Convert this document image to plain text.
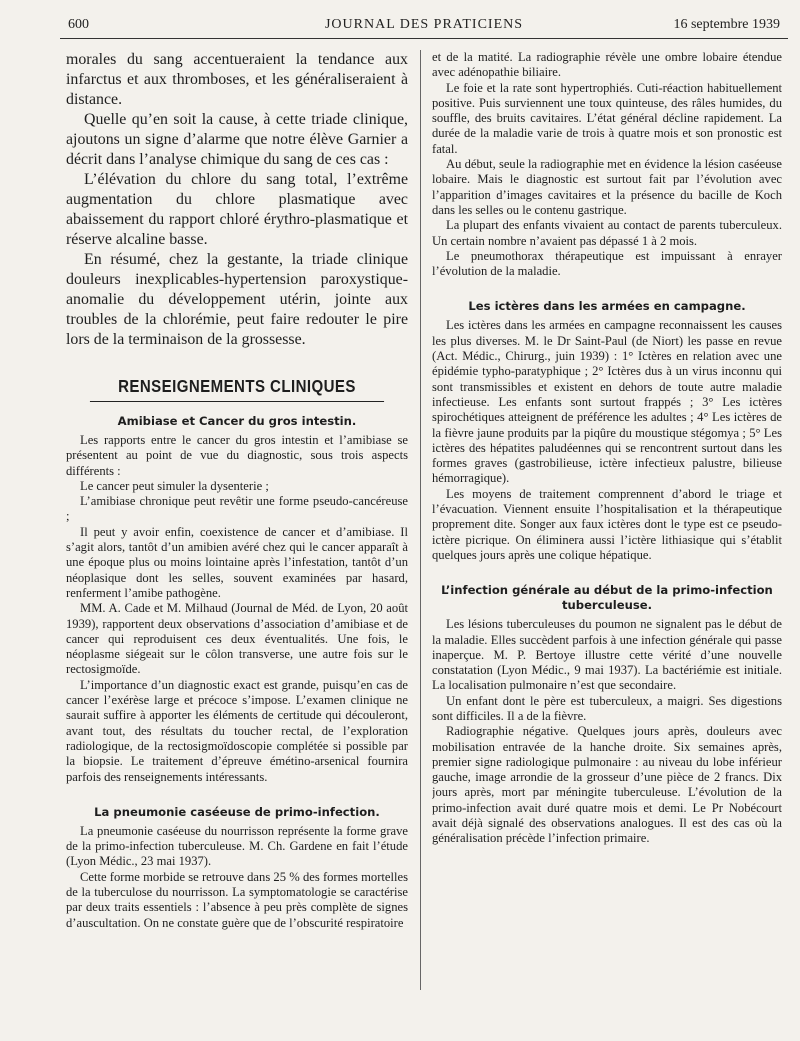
600	JOURNAL DES PRATICIENS	16 septembre 1939

morales du sang accentueraient la tendance aux infarctus et aux thromboses, et les généraliseraient à distance.

Quelle qu’en soit la cause, à cette triade clinique, ajoutons un signe d’alarme que notre élève Garnier a décrit dans l’analyse chimique du sang de ces cas :

L’élévation du chlore du sang total, l’extrême augmentation du chlore plasmatique avec abaissement du rapport chloré érythro-plasmatique et réserve alcaline basse.

En résumé, chez la gestante, la triade clinique douleurs inexplicables-hypertension paroxystique-anomalie du développement utérin, jointe aux troubles de la chlorémie, peut faire redouter le pire lors de la terminaison de la grossesse.

RENSEIGNEMENTS CLINIQUES
Amibiase et Cancer du gros intestin.

Les rapports entre le cancer du gros intestin et l’amibiase se présentent au point de vue du diagnostic, sous trois aspects différents :

Le cancer peut simuler la dysenterie ;

L’amibiase chronique peut revêtir une forme pseudo-cancéreuse ;

Il peut y avoir enfin, coexistence de cancer et d’amibiase. Il s’agit alors, tantôt d’un amibien avéré chez qui le cancer apparaît à une époque plus ou moins lointaine après l’infestation, tantôt d’un néoplasique dont les selles, souvent examinées par hasard, renferment l’amibe pathogène.

MM. A. Cade et M. Milhaud (Journal de Méd. de Lyon, 20 août 1939), rapportent deux observations d’association d’amibiase et de cancer qui reproduisent ces deux éventualités. Une fois, le néoplasme siégeait sur le côlon transverse, une autre fois sur le rectosigmoïde.

L’importance d’un diagnostic exact est grande, puisqu’en cas de cancer l’exérèse large et précoce s’impose. L’examen clinique ne saurait suffire à apporter les éléments de certitude qui découleront, avant tout, des résultats du toucher rectal, de l’exploration radiologique, de la rectosigmoïdoscopie complétée si possible par la biopsie. Le traitement d’épreuve émétino-arsenical fournira parfois des renseignements intéressants.

La pneumonie caséeuse de primo-infection.

La pneumonie caséeuse du nourrisson représente la forme grave de la primo-infection tuberculeuse. M. Ch. Gardene en fait l’étude (Lyon Médic., 23 mai 1937).

Cette forme morbide se retrouve dans 25 % des formes mortelles de la tuberculose du nourrisson. La symptomatologie se caractérise par deux traits essentiels : l’absence à peu près complète de signes d’auscultation. On ne constate guère que de l’obscurité respiratoire

et de la matité. La radiographie révèle une ombre lobaire étendue avec adénopathie biliaire.

Le foie et la rate sont hypertrophiés. Cuti-réaction habituellement positive. Puis surviennent une toux quinteuse, des râles humides, du souffle, des bruits cavitaires. L’état général décline rapidement. La durée de la maladie varie de trois à quatre mois et son pronostic est fatal.

Au début, seule la radiographie met en évidence la lésion caséeuse lobaire. Mais le diagnostic est surtout fait par l’évolution avec l’apparition d’images cavitaires et la présence du bacille de Koch dans les selles ou le contenu gastrique.

La plupart des enfants vivaient au contact de parents tuberculeux. Un certain nombre n’avaient pas dépassé 1 à 2 mois.

Le pneumothorax thérapeutique est impuissant à enrayer l’évolution de la maladie.

Les ictères dans les armées en campagne.

Les ictères dans les armées en campagne reconnaissent les causes les plus diverses. M. le Dr Saint-Paul (de Niort) les passe en revue (Act. Médic., Chirurg., juin 1939) : 1° Ictères en relation avec une épidémie typho-paratyphique ; 2° Ictères dus à un virus inconnu qui sont transmissibles et existent en dehors de toute autre maladie infectieuse. Les enfants sont surtout frappés ; 3° Les ictères spirochétiques atteignent de préférence les adultes ; 4° Les ictères de la fièvre jaune produits par la piqûre du moustique stégomya ; 5° Les ictères des hépatites paludéennes qui se rencontrent surtout dans les formes graves (gastrobilieuse, ictère infectieux palustre, bilieuse hémorragique).

Les moyens de traitement comprennent d’abord le triage et l’évacuation. Viennent ensuite l’hospitalisation et la thérapeutique proprement dite. Songer aux faux ictères dont le type est ce pseudo-ictère picrique. On éliminera aussi l’ictère lithiasique qui s’établit quelques jours après une colique hépatique.

L’infection générale au début de la primo-infection tuberculeuse.

Les lésions tuberculeuses du poumon ne signalent pas le début de la maladie. Elles succèdent parfois à une infection générale qui passe inaperçue. M. P. Bertoye illustre cette vérité d’une nouvelle constatation (Lyon Médic., 9 mai 1937). La bactériémie est initiale. La localisation pulmonaire n’est que secondaire.

Un enfant dont le père est tuberculeux, a maigri. Ses digestions sont difficiles. Il a de la fièvre.

Radiographie négative. Quelques jours après, douleurs avec mobilisation entravée de la hanche droite. Six semaines après, premier signe radiologique pulmonaire : au niveau du lobe inférieur gauche, image arrondie de la grosseur d’une pièce de 2 francs. Dix jours après, mort par méningite tuberculeuse. L’évolution de la primo-infection avait duré quatre mois et demi. Le Pr Nobécourt avait déjà signalé des observations analogues. Il est des cas où la généralisation précède l’infection primaire.
